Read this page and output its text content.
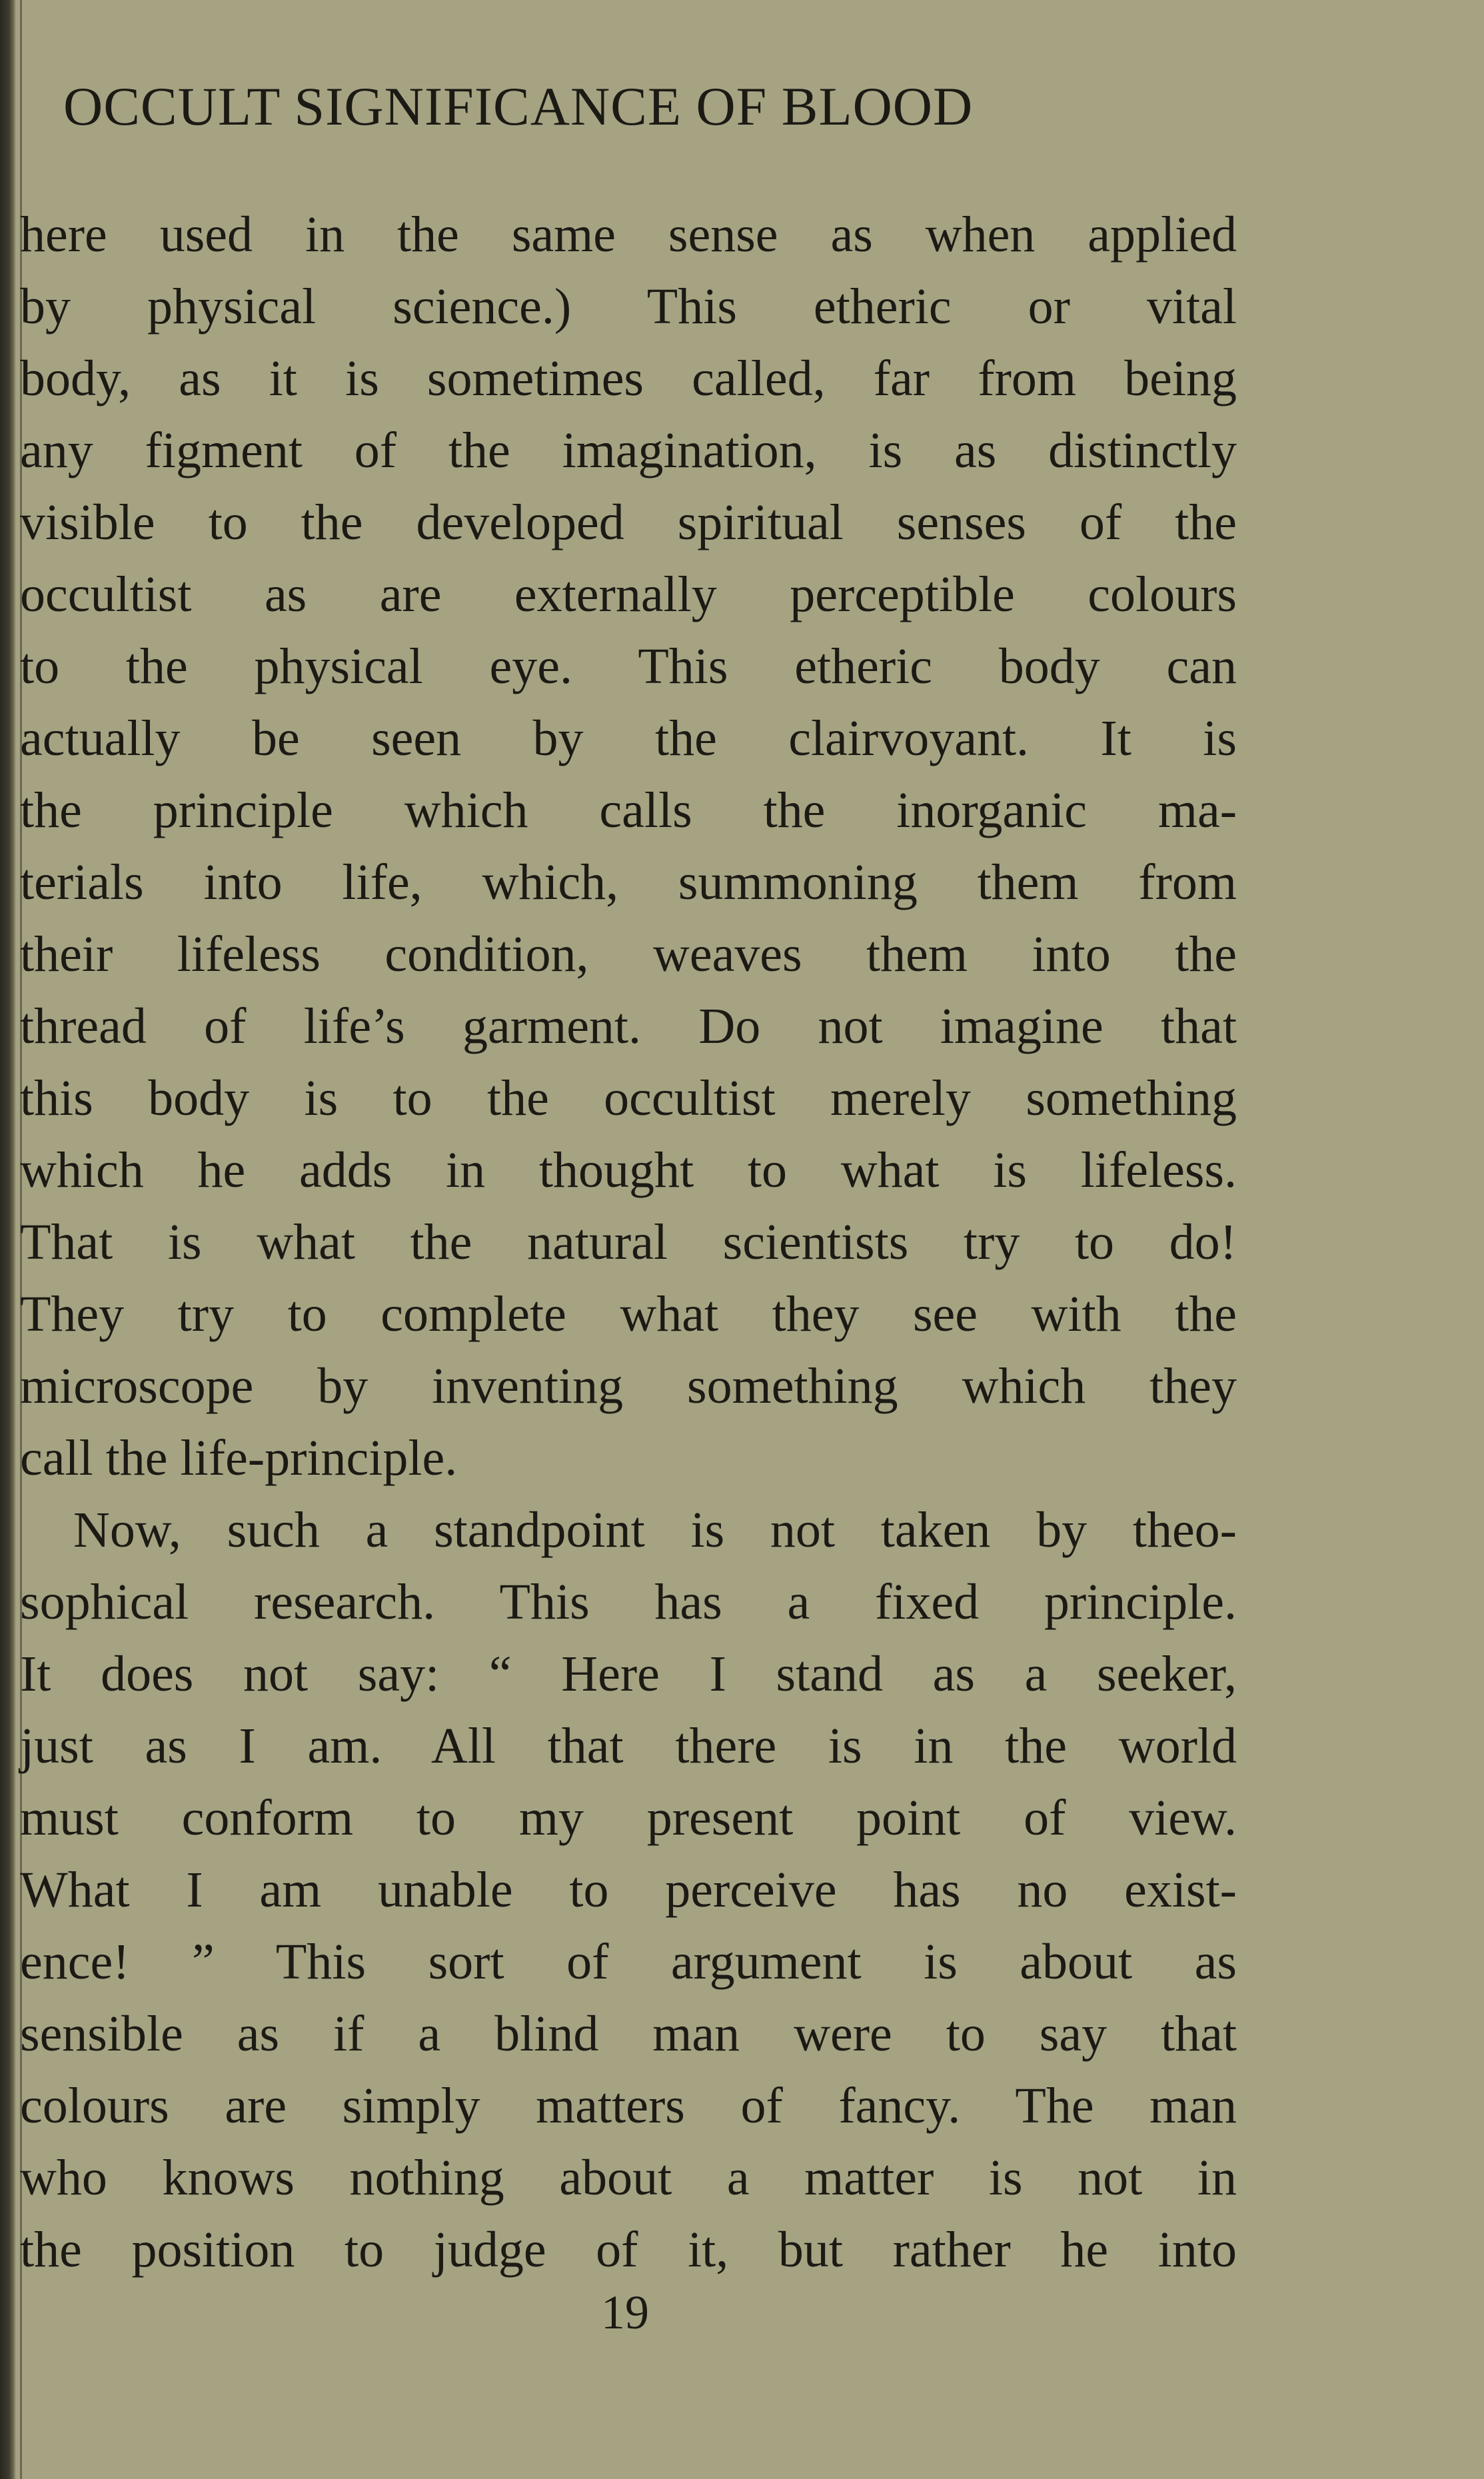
OCCULT SIGNIFICANCE OF BLOOD
here used in the same sense as when applied
by physical science.) This etheric or vital
body, as it is sometimes called, far from being
any figment of the imagination, is as distinctly
visible to the developed spiritual senses of the
occultist as are externally perceptible colours
to the physical eye. This etheric body can
actually be seen by the clairvoyant. It is
the principle which calls the inorganic ma-
terials into life, which, summoning them from
their lifeless condition, weaves them into the
thread of life’s garment. Do not imagine that
this body is to the occultist merely something
which he adds in thought to what is lifeless.
That is what the natural scientists try to do!
They try to complete what they see with the
microscope by inventing something which they
call the life-principle.
Now, such a standpoint is not taken by theo-
sophical research. This has a fixed principle.
It does not say: “ Here I stand as a seeker,
just as I am. All that there is in the world
must conform to my present point of view.
What I am unable to perceive has no exist-
ence! ” This sort of argument is about as
sensible as if a blind man were to say that
colours are simply matters of fancy. The man
who knows nothing about a matter is not in
the position to judge of it, but rather he into
19
